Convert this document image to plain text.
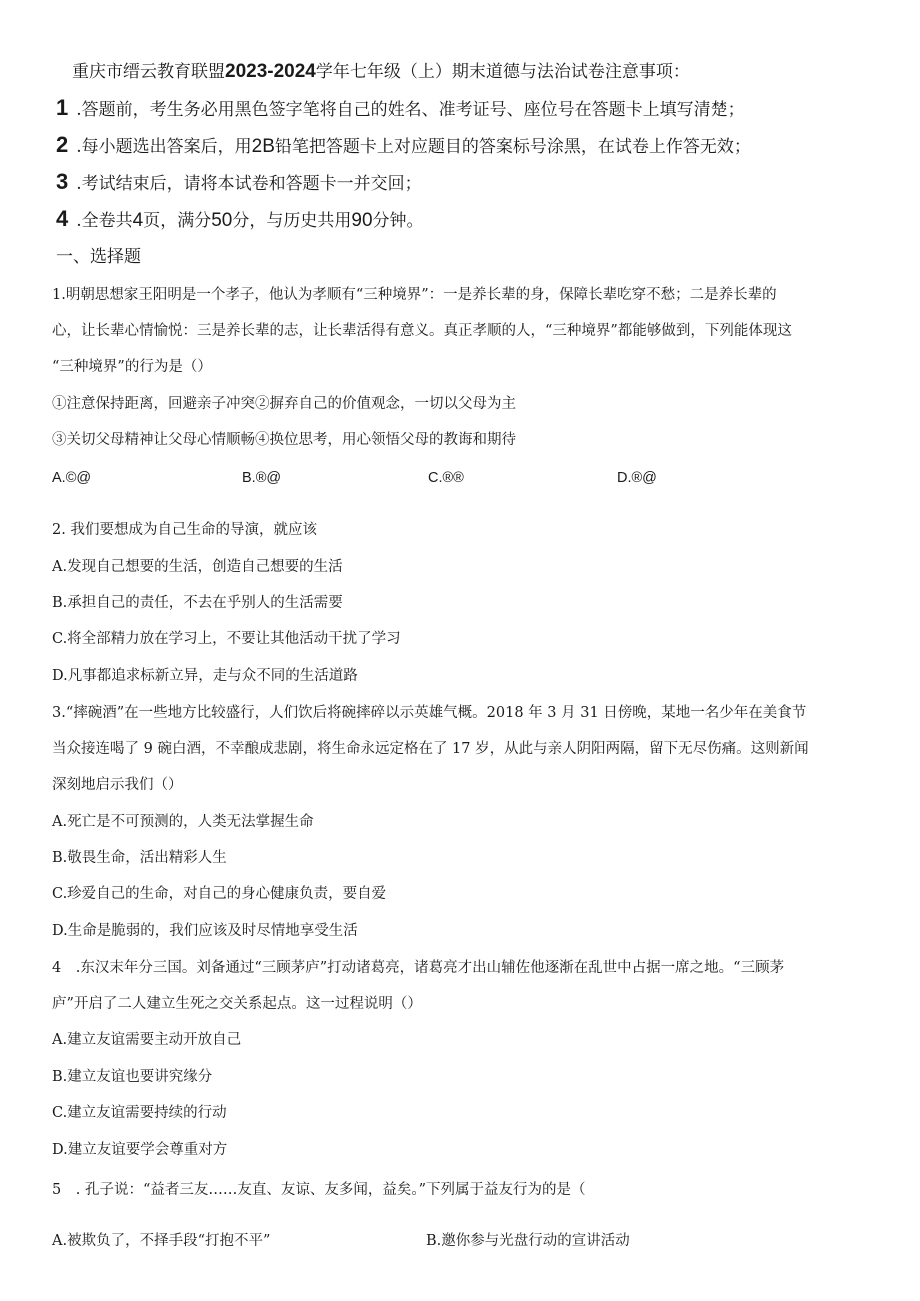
重庆市缙云教育联盟2023-2024学年七年级（上）期末道德与法治试卷注意事项：
1 .答题前，考生务必用黑色签字笔将自己的姓名、准考证号、座位号在答题卡上填写清楚；
2 .每小题选出答案后，用2B铅笔把答题卡上对应题目的答案标号涂黑，在试卷上作答无效；
3 .考试结束后，请将本试卷和答题卡一并交回；
4 .全卷共4页，满分50分，与历史共用90分钟。
一、选择题
1.明朝思想家王阳明是一个孝子，他认为孝顺有“三种境界”：一是养长辈的身，保障长辈吃穿不愁；二是养长辈的
心，让长辈心情愉悦：三是养长辈的志，让长辈活得有意义。真正孝顺的人，“三种境界”都能够做到，下列能体现这
“三种境界”的行为是（）
①注意保持距离，回避亲子冲突②摒弃自己的价值观念，一切以父母为主
③关切父母精神让父母心情顺畅④换位思考，用心领悟父母的教诲和期待
A.©@	B.®@	C.®®	D.®@
2. 我们要想成为自己生命的导演，就应该
A.发现自己想要的生活，创造自己想要的生活
B.承担自己的责任，不去在乎别人的生活需要
C.将全部精力放在学习上，不要让其他活动干扰了学习
D.凡事都追求标新立异，走与众不同的生活道路
3.“摔碗酒”在一些地方比较盛行，人们饮后将碗摔碎以示英雄气概。2018 年 3 月 31 日傍晚，某地一名少年在美食节
当众接连喝了 9 碗白酒，不幸酿成悲剧，将生命永远定格在了 17 岁，从此与亲人阴阳两隔，留下无尽伤痛。这则新闻
深刻地启示我们（）
A.死亡是不可预测的，人类无法掌握生命
B.敬畏生命，活出精彩人生
C.珍爱自己的生命，对自己的身心健康负责，要自爱
D.生命是脆弱的，我们应该及时尽情地享受生活
4　.东汉末年分三国。刘备通过“三顾茅庐”打动诸葛亮，诸葛亮才出山辅佐他逐渐在乱世中占据一席之地。“三顾茅
庐”开启了二人建立生死之交关系起点。这一过程说明（）
A.建立友谊需要主动开放自己
B.建立友谊也要讲究缘分
C.建立友谊需要持续的行动
D.建立友谊要学会尊重对方
5　. 孔子说：“益者三友……友直、友谅、友多闻，益矣。”下列属于益友行为的是（
A.被欺负了，不择手段“打抱不平”	B.邀你参与光盘行动的宣讲活动
